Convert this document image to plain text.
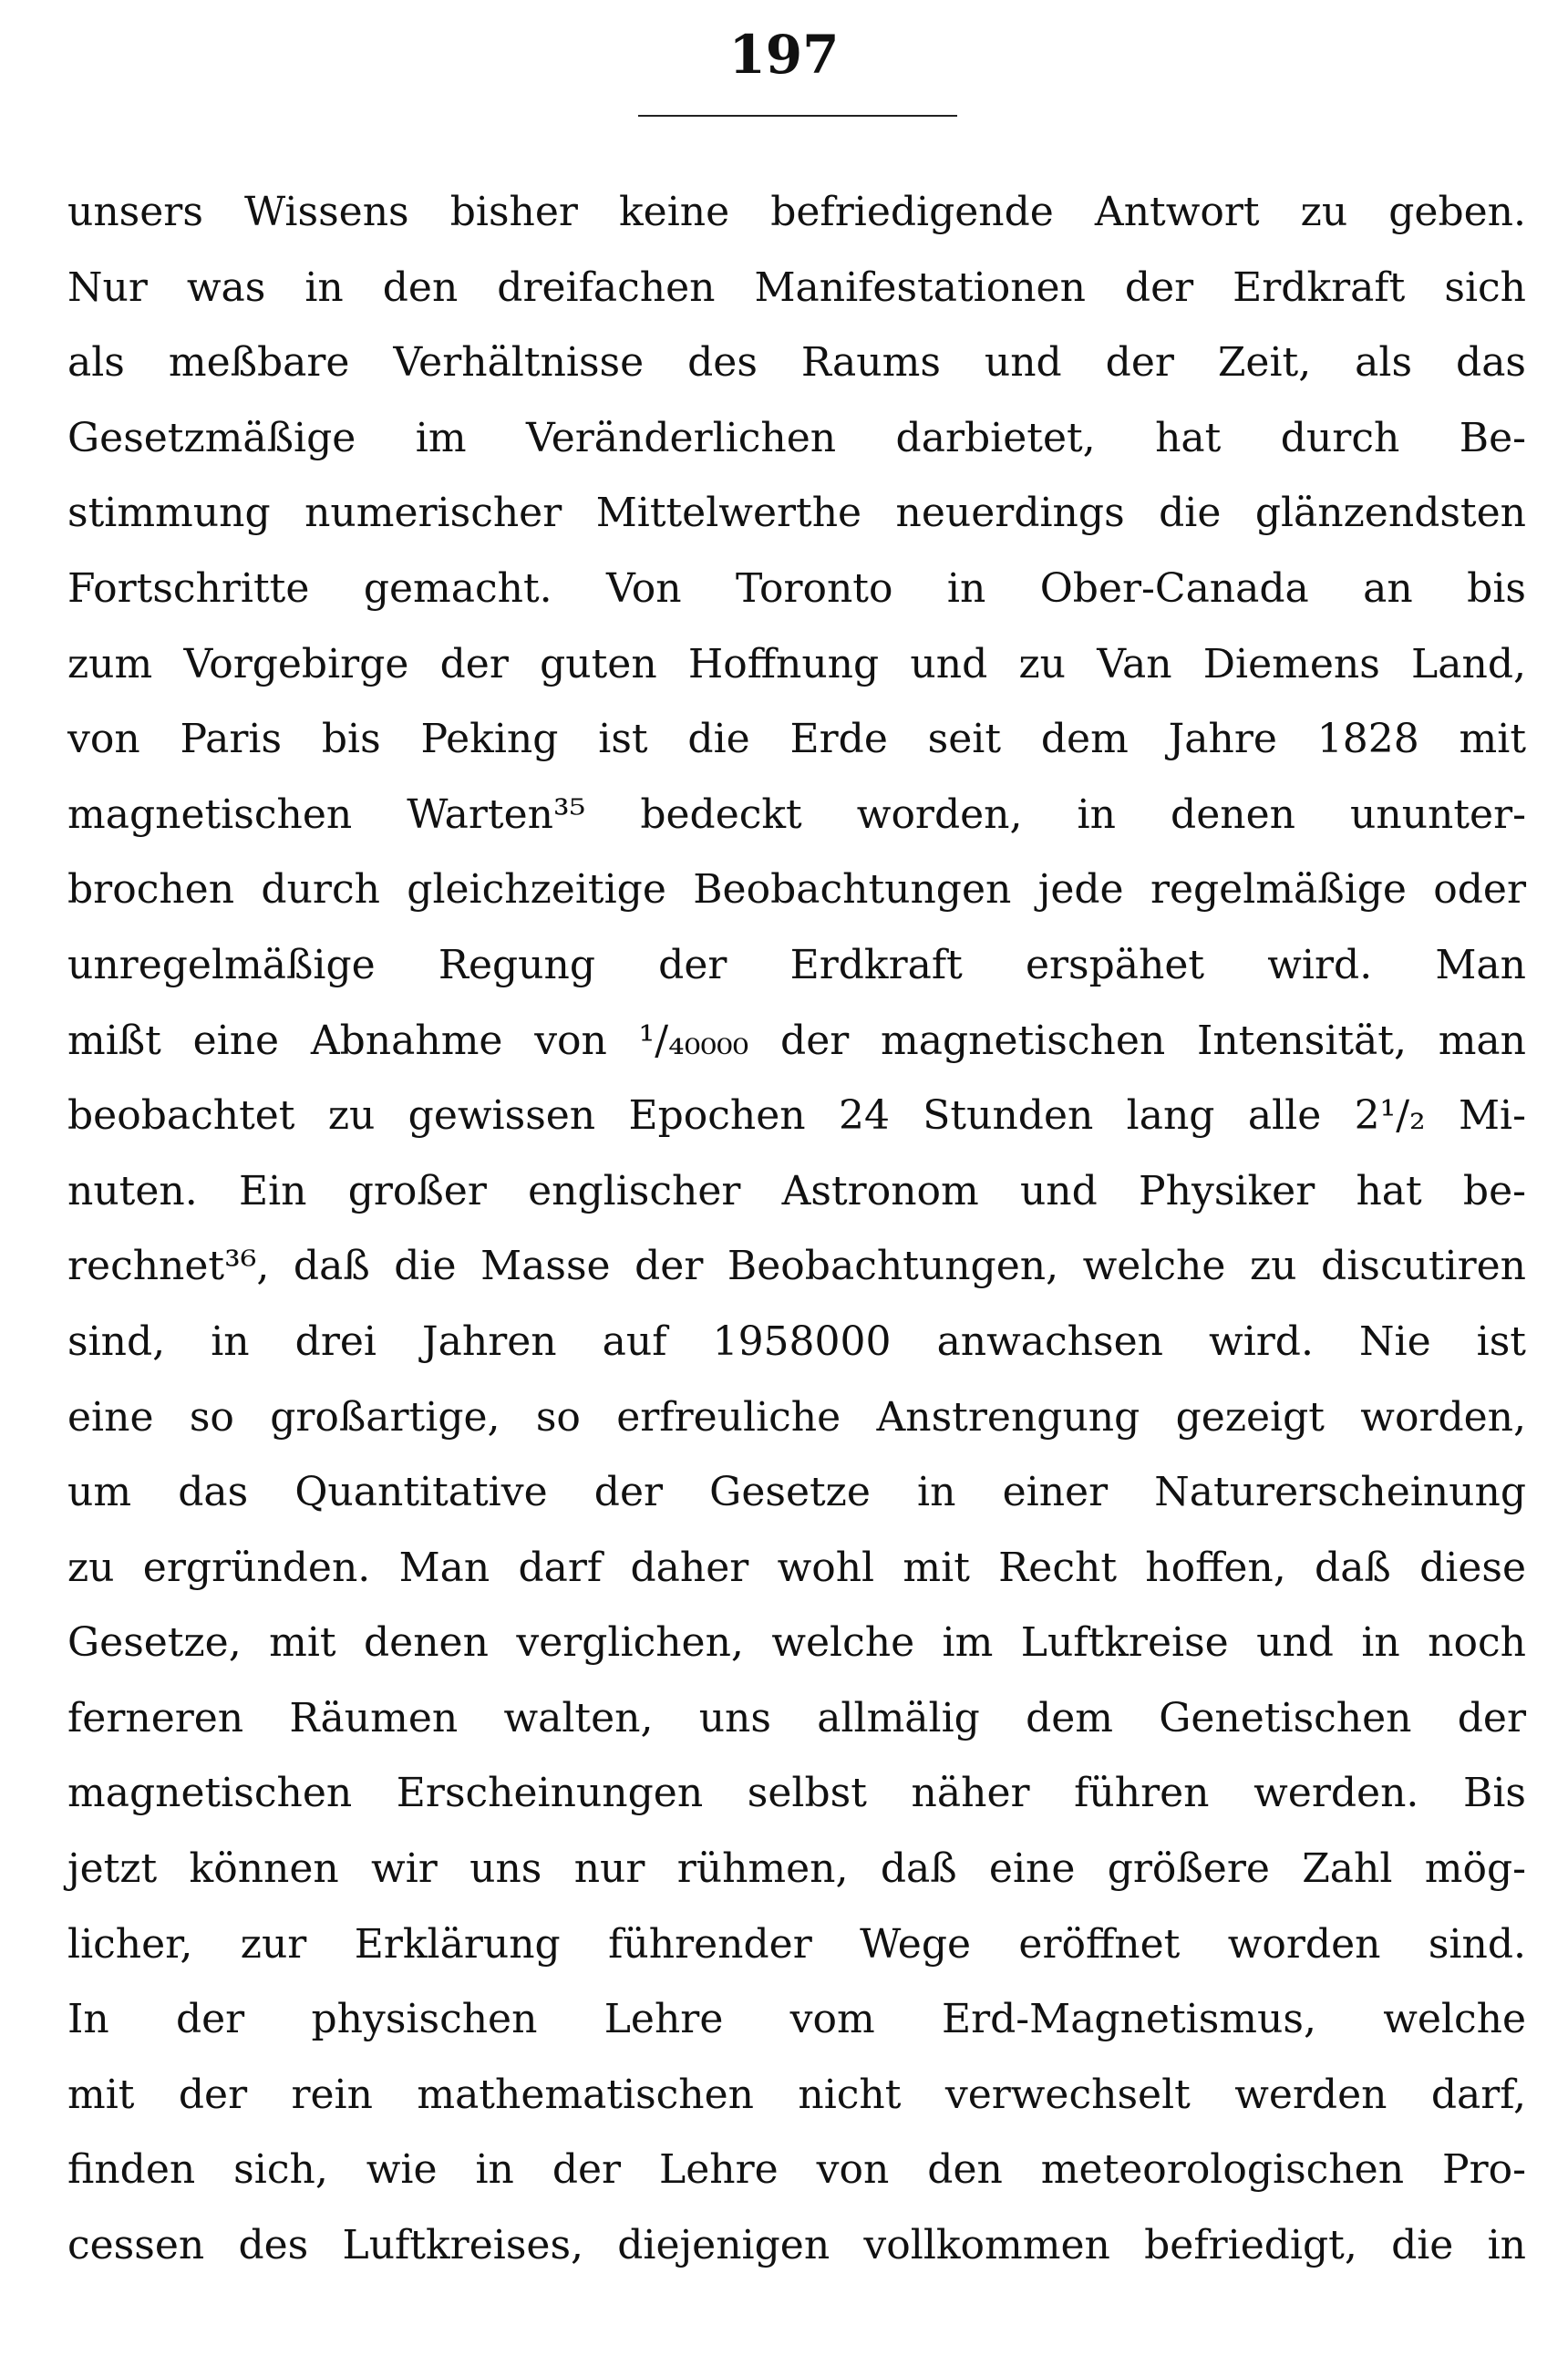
197
unsers Wissens bisher keine befriedigende Antwort zu geben.
Nur was in den dreifachen Manifestationen der Erdkraft sich
als meßbare Verhältnisse des Raums und der Zeit, als das
Gesetzmäßige im Veränderlichen darbietet, hat durch Be-
stimmung numerischer Mittelwerthe neuerdings die glänzendsten
Fortschritte gemacht. Von Toronto in Ober-Canada an bis
zum Vorgebirge der guten Hoffnung und zu Van Diemens Land,
von Paris bis Peking ist die Erde seit dem Jahre 1828 mit
magnetischen Warten³⁵ bedeckt worden, in denen ununter-
brochen durch gleichzeitige Beobachtungen jede regelmäßige oder
unregelmäßige Regung der Erdkraft erspähet wird. Man
mißt eine Abnahme von ¹/₄₀₀₀₀ der magnetischen Intensität, man
beobachtet zu gewissen Epochen 24 Stunden lang alle 2¹/₂ Mi-
nuten. Ein großer englischer Astronom und Physiker hat be-
rechnet³⁶, daß die Masse der Beobachtungen, welche zu discutiren
sind, in drei Jahren auf 1958000 anwachsen wird. Nie ist
eine so großartige, so erfreuliche Anstrengung gezeigt worden,
um das Quantitative der Gesetze in einer Naturerscheinung
zu ergründen. Man darf daher wohl mit Recht hoffen, daß diese
Gesetze, mit denen verglichen, welche im Luftkreise und in noch
ferneren Räumen walten, uns allmälig dem Genetischen der
magnetischen Erscheinungen selbst näher führen werden. Bis
jetzt können wir uns nur rühmen, daß eine größere Zahl mög-
licher, zur Erklärung führender Wege eröffnet worden sind.
In der physischen Lehre vom Erd-Magnetismus, welche
mit der rein mathematischen nicht verwechselt werden darf,
finden sich, wie in der Lehre von den meteorologischen Pro-
cessen des Luftkreises, diejenigen vollkommen befriedigt, die in
